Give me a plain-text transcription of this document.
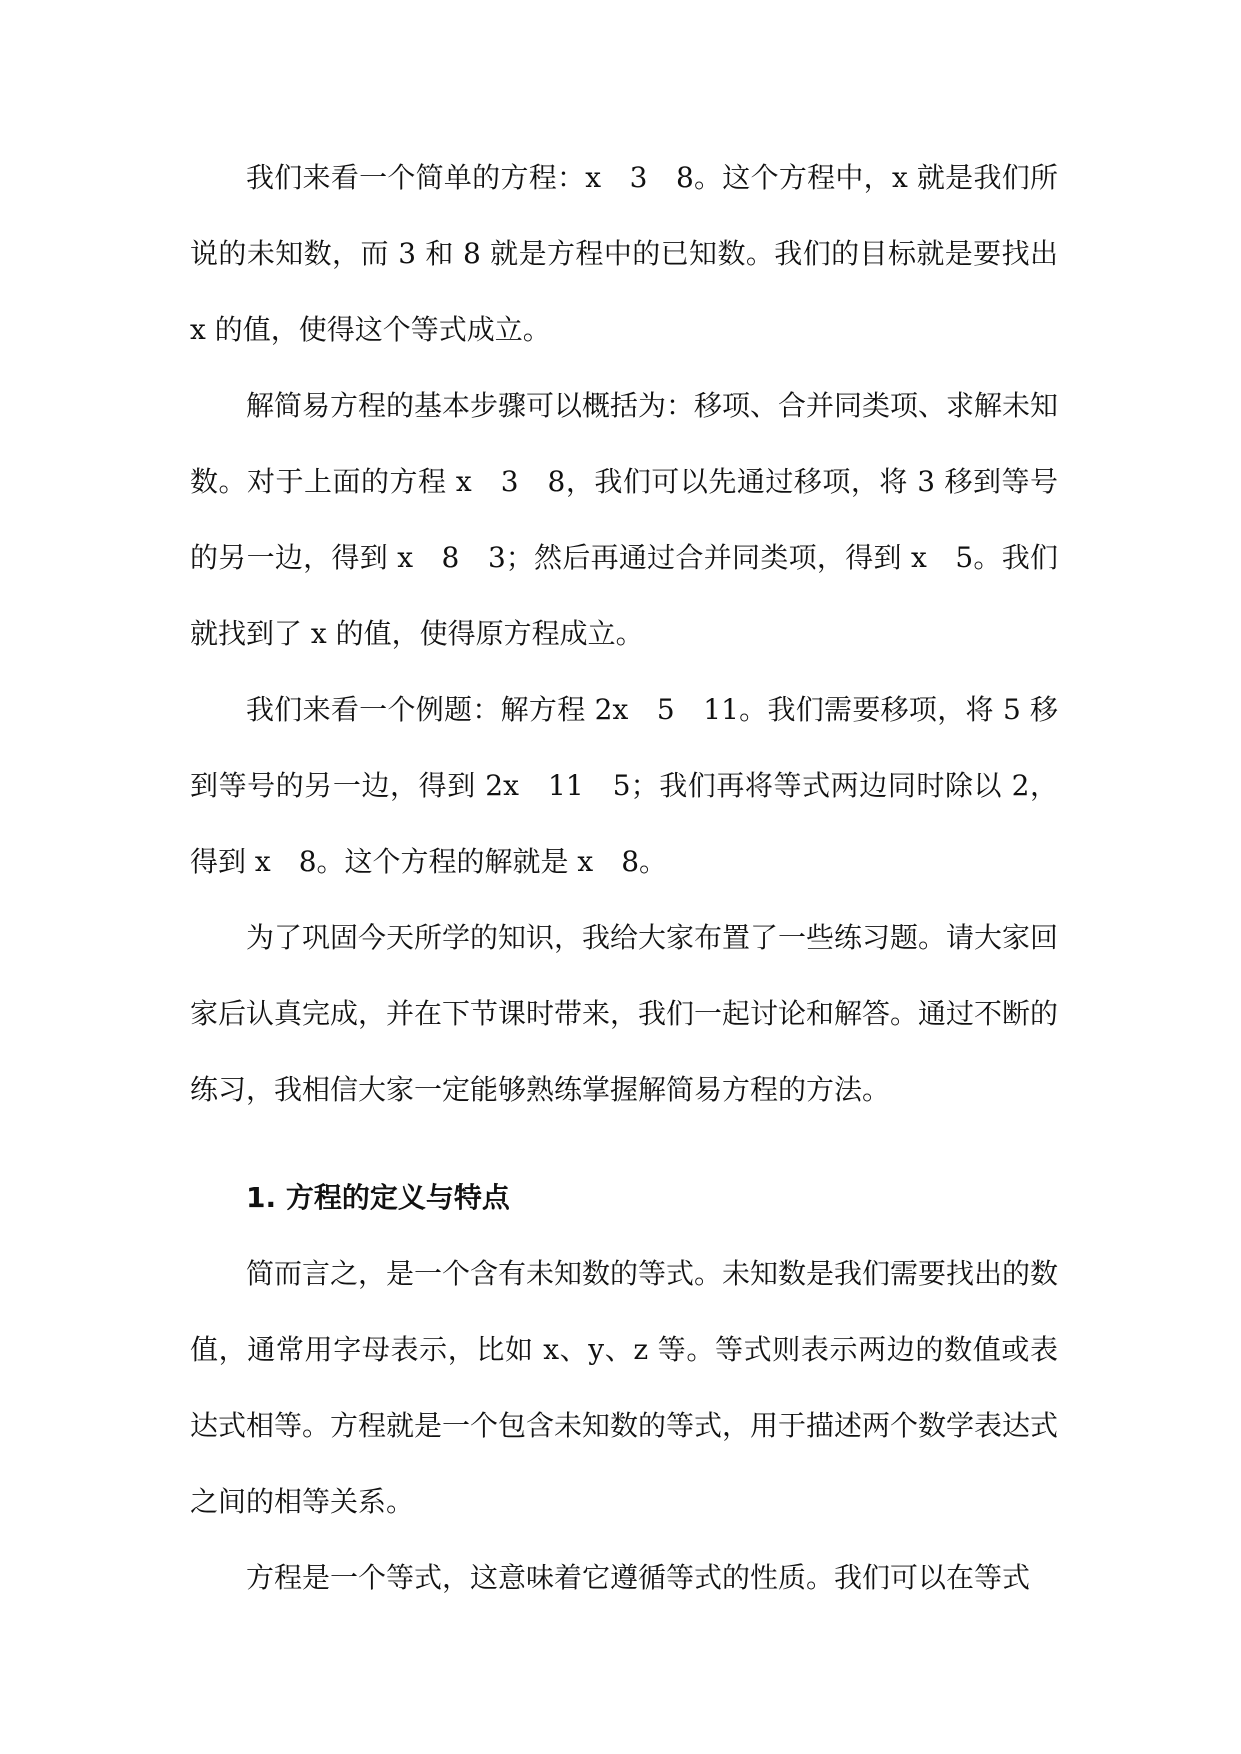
我们来看一个简单的方程：x　3　8。这个方程中，x 就是我们所说的未知数，而 3 和 8 就是方程中的已知数。我们的目标就是要找出 x 的值，使得这个等式成立。

解简易方程的基本步骤可以概括为：移项、合并同类项、求解未知数。对于上面的方程 x　3　8，我们可以先通过移项，将 3 移到等号的另一边，得到 x　8　3；然后再通过合并同类项，得到 x　5。我们就找到了 x 的值，使得原方程成立。

我们来看一个例题：解方程 2x　5　11。我们需要移项，将 5 移到等号的另一边，得到 2x　11　5；我们再将等式两边同时除以 2，得到 x　8。这个方程的解就是 x　8。

为了巩固今天所学的知识，我给大家布置了一些练习题。请大家回家后认真完成，并在下节课时带来，我们一起讨论和解答。通过不断的练习，我相信大家一定能够熟练掌握解简易方程的方法。

1. 方程的定义与特点

简而言之，是一个含有未知数的等式。未知数是我们需要找出的数值，通常用字母表示，比如 x、y、z 等。等式则表示两边的数值或表达式相等。方程就是一个包含未知数的等式，用于描述两个数学表达式之间的相等关系。

方程是一个等式，这意味着它遵循等式的性质。我们可以在等式
